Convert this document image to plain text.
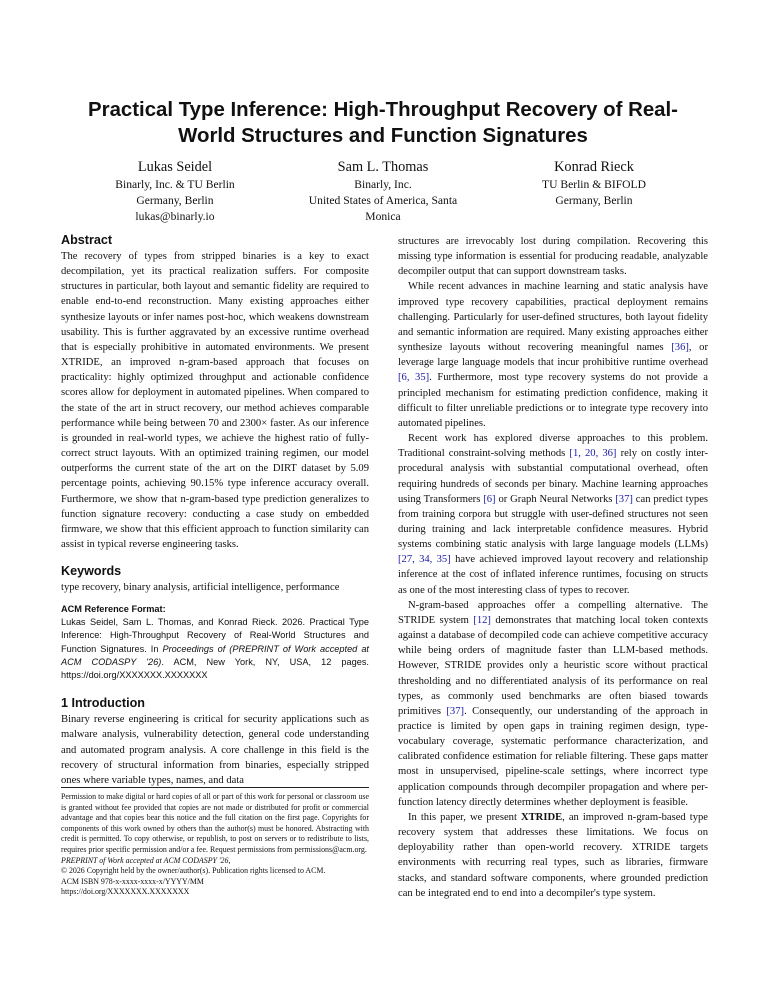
Practical Type Inference: High-Throughput Recovery of Real-World Structures and Function Signatures
Lukas Seidel
Binarly, Inc. & TU Berlin
Germany, Berlin
lukas@binarly.io
Sam L. Thomas
Binarly, Inc.
United States of America, Santa Monica
Konrad Rieck
TU Berlin & BIFOLD
Germany, Berlin
Abstract

The recovery of types from stripped binaries is a key to exact decompilation, yet its practical realization suffers. For composite structures in particular, both layout and semantic fidelity are required to enable end-to-end reconstruction. Many existing approaches either synthesize layouts or infer names post-hoc, which weakens downstream usability. This is further aggravated by an excessive runtime overhead that is especially prohibitive in automated environments. We present XTRIDE, an improved n-gram-based approach that focuses on practicality: highly optimized throughput and actionable confidence scores allow for deployment in automated pipelines. When compared to the state of the art in struct recovery, our method achieves comparable performance while being between 70 and 2300× faster. As our inference is grounded in real-world types, we achieve the highest ratio of fully-correct struct layouts. With an optimized training regimen, our model outperforms the current state of the art on the DIRT dataset by 5.09 percentage points, achieving 90.15% type inference accuracy overall. Furthermore, we show that n-gram-based type prediction generalizes to function signature recovery: conducting a case study on embedded firmware, we show that this efficient approach to function similarity can assist in typical reverse engineering tasks.

Keywords

type recovery, binary analysis, artificial intelligence, performance

ACM Reference Format:
Lukas Seidel, Sam L. Thomas, and Konrad Rieck. 2026. Practical Type Inference: High-Throughput Recovery of Real-World Structures and Function Signatures. In Proceedings of (PREPRINT of Work accepted at ACM CODASPY '26). ACM, New York, NY, USA, 12 pages. https://doi.org/XXXXXXX.XXXXXXX
1 Introduction

Binary reverse engineering is critical for security applications such as malware analysis, vulnerability detection, general code understanding and automated program analysis. A core challenge in this field is the recovery of structural information from binaries, especially stripped ones where variable types, names, and data

Permission to make digital or hard copies of all or part of this work for personal or classroom use is granted without fee provided that copies are not made or distributed for profit or commercial advantage and that copies bear this notice and the full citation on the first page. Copyrights for components of this work owned by others than the author(s) must be honored. Abstracting with credit is permitted. To copy otherwise, or republish, to post on servers or to redistribute to lists, requires prior specific permission and/or a fee. Request permissions from permissions@acm.org.
PREPRINT of Work accepted at ACM CODASPY '26,
© 2026 Copyright held by the owner/author(s). Publication rights licensed to ACM.
ACM ISBN 978-x-xxxx-xxxx-x/YYYY/MM
https://doi.org/XXXXXXX.XXXXXXX

structures are irrevocably lost during compilation. Recovering this missing type information is essential for producing readable, analyzable decompiler output that can support downstream tasks.

While recent advances in machine learning and static analysis have improved type recovery capabilities, practical deployment remains challenging. Particularly for user-defined structures, both layout fidelity and semantic information are required. Many existing approaches either synthesize layouts without recovering meaningful names [36], or leverage large language models that incur prohibitive runtime overhead [6, 35]. Furthermore, most type recovery systems do not provide a principled mechanism for estimating prediction confidence, making it difficult to filter unreliable predictions or to integrate type recovery into automated pipelines.

Recent work has explored diverse approaches to this problem. Traditional constraint-solving methods [1, 20, 36] rely on costly inter-procedural analysis with substantial computational overhead, often requiring hundreds of seconds per binary. Machine learning approaches using Transformers [6] or Graph Neural Networks [37] can predict types from training corpora but struggle with user-defined structures not seen during training and lack interpretable confidence measures. Hybrid systems combining static analysis with large language models (LLMs) [27, 34, 35] have achieved improved layout recovery and relationship inference at the cost of inflated inference runtimes, focusing on structs as one of the most interesting class of types to recover.

N-gram-based approaches offer a compelling alternative. The STRIDE system [12] demonstrates that matching local token contexts against a database of decompiled code can achieve competitive accuracy while being orders of magnitude faster than LLM-based methods. However, STRIDE provides only a heuristic score without practical thresholding and no differentiated analysis of its performance on real types, as commonly used benchmarks are often biased towards primitives [37]. Consequently, our understanding of the approach in practice is limited by open gaps in training regimen design, type-vocabulary coverage, systematic performance characterization, and calibrated confidence estimation for reliable filtering. These gaps matter most in unsupervised, pipeline-scale settings, where incorrect type application compounds through decompiler propagation and where per-function latency directly determines whether deployment is feasible.

In this paper, we present XTRIDE, an improved n-gram-based type recovery system that addresses these limitations. We focus on deployability rather than open-world recovery. XTRIDE targets environments with recurring real types, such as libraries, firmware stacks, and standard software components, where grounded prediction can be integrated end to end into a decompiler's type system.
